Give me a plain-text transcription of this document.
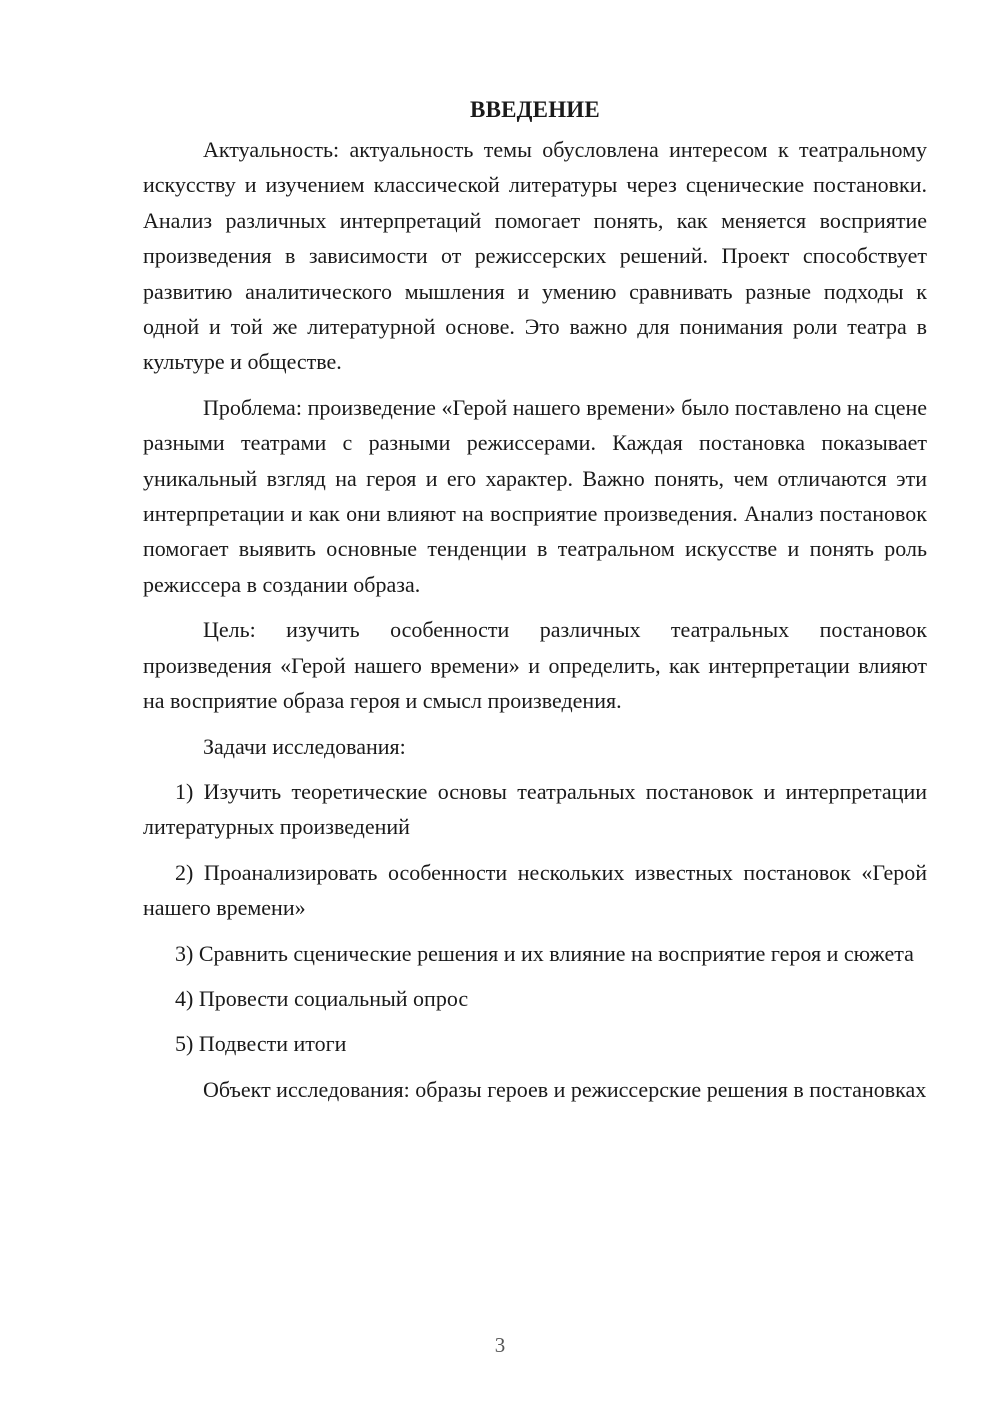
ВВЕДЕНИЕ

Актуальность: актуальность темы обусловлена интересом к театральному искусству и изучением классической литературы через сценические постановки. Анализ различных интерпретаций помогает понять, как меняется восприятие произведения в зависимости от режиссерских решений. Проект способствует развитию аналитического мышления и умению сравнивать разные подходы к одной и той же литературной основе. Это важно для понимания роли театра в культуре и обществе.

Проблема: произведение «Герой нашего времени» было поставлено на сцене разными театрами с разными режиссерами. Каждая постановка показывает уникальный взгляд на героя и его характер. Важно понять, чем отличаются эти интерпретации и как они влияют на восприятие произведения. Анализ постановок помогает выявить основные тенденции в театральном искусстве и понять роль режиссера в создании образа.

Цель: изучить особенности различных театральных постановок произведения «Герой нашего времени» и определить, как интерпретации влияют на восприятие образа героя и смысл произведения.

Задачи исследования:

1) Изучить теоретические основы театральных постановок и интерпретации литературных произведений

2) Проанализировать особенности нескольких известных постановок «Герой нашего времени»

3) Сравнить сценические решения и их влияние на восприятие героя и сюжета

4) Провести социальный опрос

5) Подвести итоги

Объект исследования: образы героев и режиссерские решения в постановках

3
